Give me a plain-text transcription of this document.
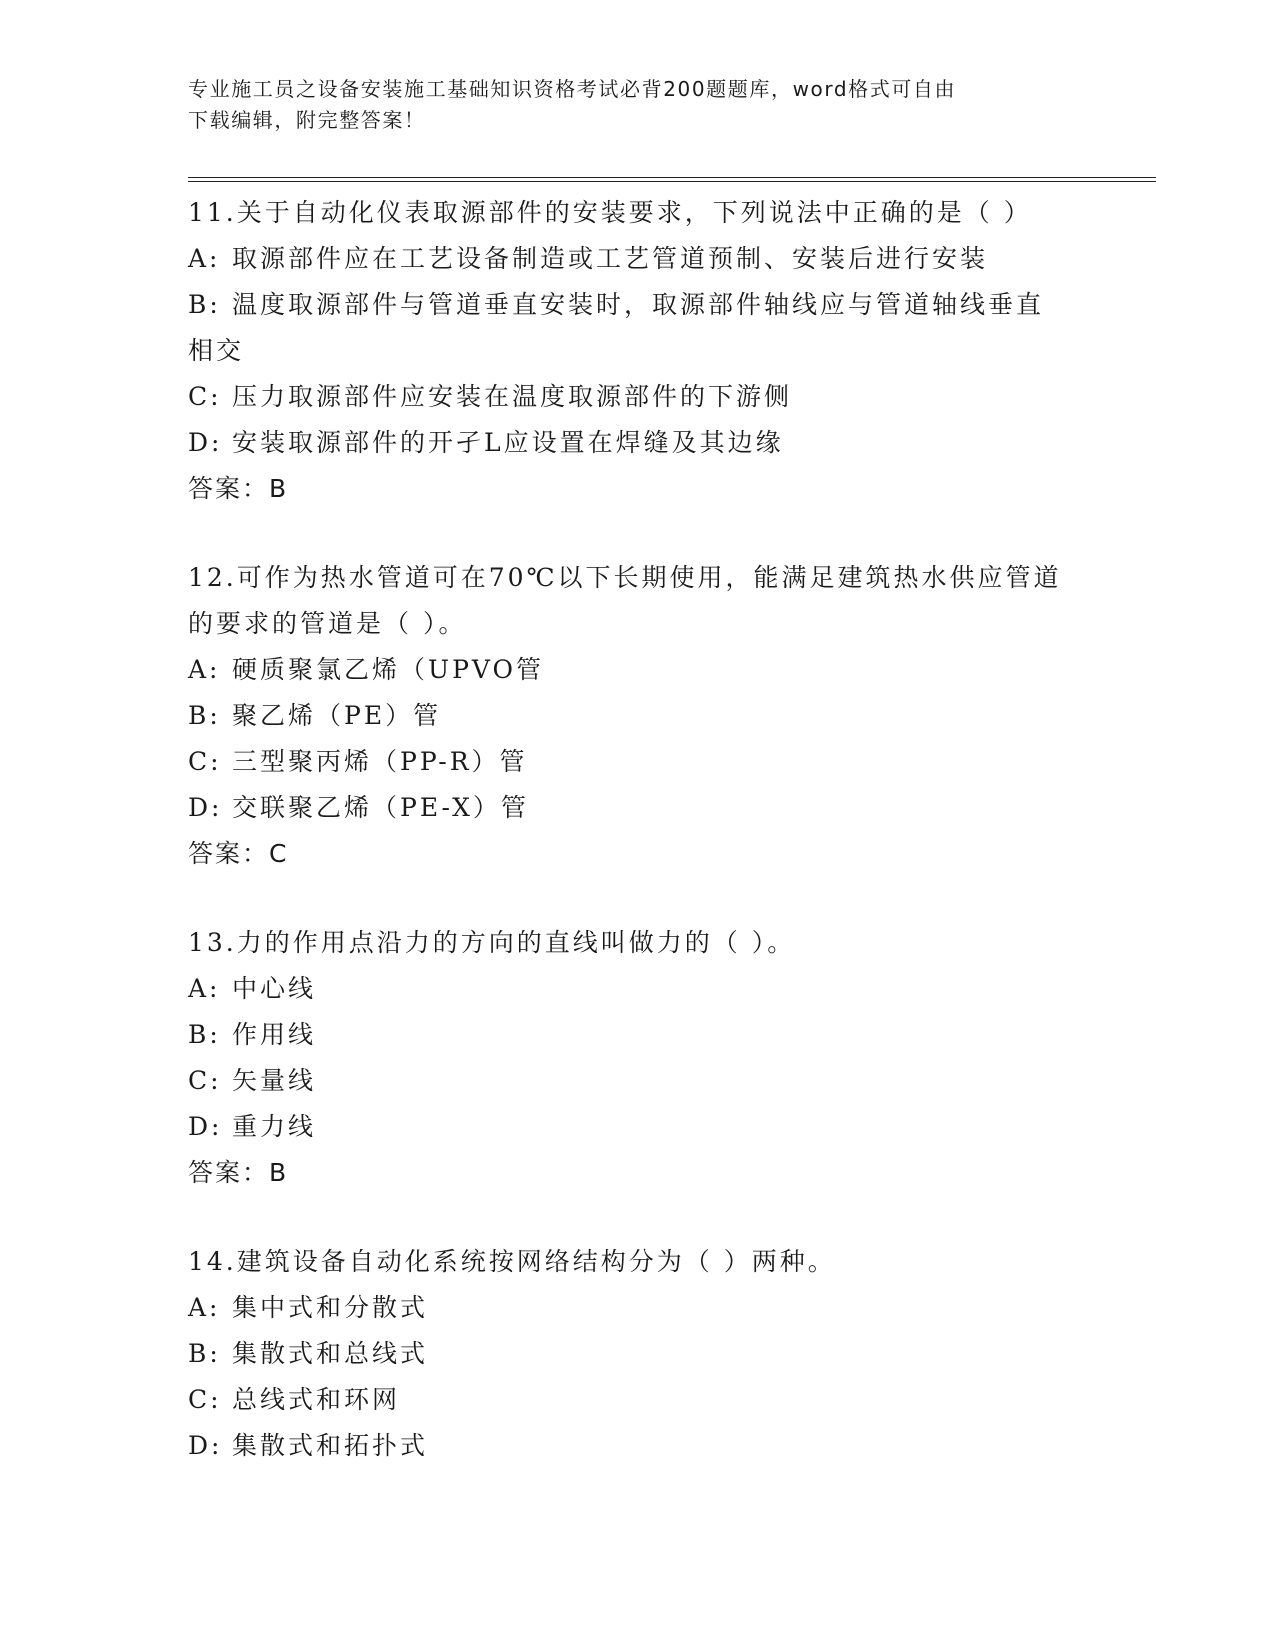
专业施工员之设备安装施工基础知识资格考试必背200题题库，word格式可自由
下载编辑，附完整答案！
11.关于自动化仪表取源部件的安装要求，下列说法中正确的是（ ）
A: 取源部件应在工艺设备制造或工艺管道预制、安装后进行安装
B: 温度取源部件与管道垂直安装时，取源部件轴线应与管道轴线垂直
相交
C: 压力取源部件应安装在温度取源部件的下游侧
D: 安装取源部件的开孑L应设置在焊缝及其边缘
答案：B
12.可作为热水管道可在70℃以下长期使用，能满足建筑热水供应管道
的要求的管道是（ ）。
A: 硬质聚氯乙烯（UPVO管
B: 聚乙烯（PE）管
C: 三型聚丙烯（PP-R）管
D: 交联聚乙烯（PE-X）管
答案：C
13.力的作用点沿力的方向的直线叫做力的（ ）。
A: 中心线
B: 作用线
C: 矢量线
D: 重力线
答案：B
14.建筑设备自动化系统按网络结构分为（ ）两种。
A: 集中式和分散式
B: 集散式和总线式
C: 总线式和环网
D: 集散式和拓扑式
